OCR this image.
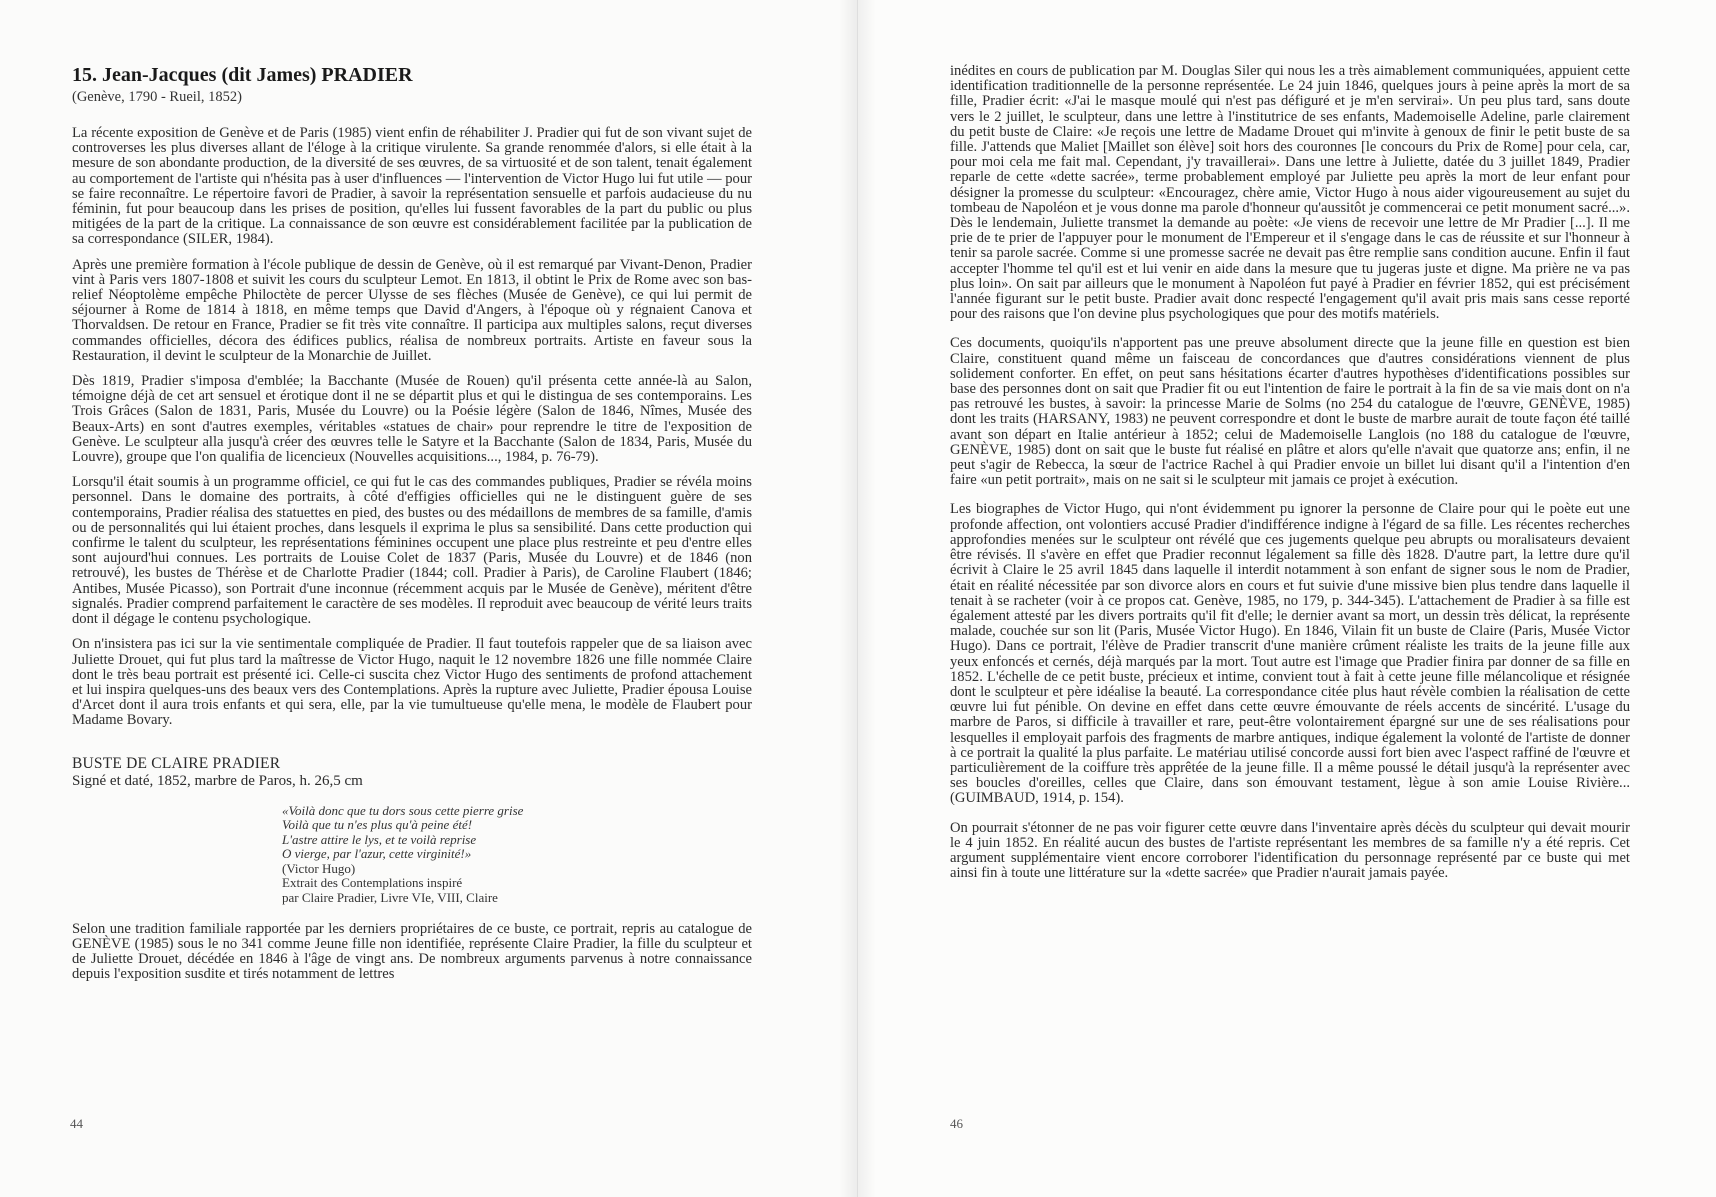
15. Jean-Jacques (dit James) PRADIER
(Genève, 1790 - Rueil, 1852)

La récente exposition de Genève et de Paris (1985) vient enfin de réhabiliter J. Pradier qui fut de son vivant sujet de controverses les plus diverses allant de l'éloge à la critique virulente. Sa grande renommée d'alors, si elle était à la mesure de son abondante production, de la diversité de ses œuvres, de sa virtuosité et de son talent, tenait également au comportement de l'artiste qui n'hésita pas à user d'influences — l'intervention de Victor Hugo lui fut utile — pour se faire reconnaître. Le répertoire favori de Pradier, à savoir la représentation sensuelle et parfois audacieuse du nu féminin, fut pour beaucoup dans les prises de position, qu'elles lui fussent favorables de la part du public ou plus mitigées de la part de la critique. La connaissance de son œuvre est considérablement facilitée par la publication de sa correspondance (SILER, 1984).

Après une première formation à l'école publique de dessin de Genève, où il est remarqué par Vivant-Denon, Pradier vint à Paris vers 1807-1808 et suivit les cours du sculpteur Lemot. En 1813, il obtint le Prix de Rome avec son bas-relief Néoptolème empêche Philoctète de percer Ulysse de ses flèches (Musée de Genève), ce qui lui permit de séjourner à Rome de 1814 à 1818, en même temps que David d'Angers, à l'époque où y régnaient Canova et Thorvaldsen. De retour en France, Pradier se fit très vite connaître. Il participa aux multiples salons, reçut diverses commandes officielles, décora des édifices publics, réalisa de nombreux portraits. Artiste en faveur sous la Restauration, il devint le sculpteur de la Monarchie de Juillet.

Dès 1819, Pradier s'imposa d'emblée; la Bacchante (Musée de Rouen) qu'il présenta cette année-là au Salon, témoigne déjà de cet art sensuel et érotique dont il ne se départit plus et qui le distingua de ses contemporains. Les Trois Grâces (Salon de 1831, Paris, Musée du Louvre) ou la Poésie légère (Salon de 1846, Nîmes, Musée des Beaux-Arts) en sont d'autres exemples, véritables «statues de chair» pour reprendre le titre de l'exposition de Genève. Le sculpteur alla jusqu'à créer des œuvres telle le Satyre et la Bacchante (Salon de 1834, Paris, Musée du Louvre), groupe que l'on qualifia de licencieux (Nouvelles acquisitions..., 1984, p. 76-79).

Lorsqu'il était soumis à un programme officiel, ce qui fut le cas des commandes publiques, Pradier se révéla moins personnel. Dans le domaine des portraits, à côté d'effigies officielles qui ne le distinguent guère de ses contemporains, Pradier réalisa des statuettes en pied, des bustes ou des médaillons de membres de sa famille, d'amis ou de personnalités qui lui étaient proches, dans lesquels il exprima le plus sa sensibilité. Dans cette production qui confirme le talent du sculpteur, les représentations féminines occupent une place plus restreinte et peu d'entre elles sont aujourd'hui connues. Les portraits de Louise Colet de 1837 (Paris, Musée du Louvre) et de 1846 (non retrouvé), les bustes de Thérèse et de Charlotte Pradier (1844; coll. Pradier à Paris), de Caroline Flaubert (1846; Antibes, Musée Picasso), son Portrait d'une inconnue (récemment acquis par le Musée de Genève), méritent d'être signalés. Pradier comprend parfaitement le caractère de ses modèles. Il reproduit avec beaucoup de vérité leurs traits dont il dégage le contenu psychologique.

On n'insistera pas ici sur la vie sentimentale compliquée de Pradier. Il faut toutefois rappeler que de sa liaison avec Juliette Drouet, qui fut plus tard la maîtresse de Victor Hugo, naquit le 12 novembre 1826 une fille nommée Claire dont le très beau portrait est présenté ici. Celle-ci suscita chez Victor Hugo des sentiments de profond attachement et lui inspira quelques-uns des beaux vers des Contemplations. Après la rupture avec Juliette, Pradier épousa Louise d'Arcet dont il aura trois enfants et qui sera, elle, par la vie tumultueuse qu'elle mena, le modèle de Flaubert pour Madame Bovary.

BUSTE DE CLAIRE PRADIER
Signé et daté, 1852, marbre de Paros, h. 26,5 cm
«Voilà donc que tu dors sous cette pierre grise
Voilà que tu n'es plus qu'à peine été!
L'astre attire le lys, et te voilà reprise
O vierge, par l'azur, cette virginité!»
(Victor Hugo)
Extrait des Contemplations inspiré
par Claire Pradier, Livre VIe, VIII, Claire

Selon une tradition familiale rapportée par les derniers propriétaires de ce buste, ce portrait, repris au catalogue de GENÈVE (1985) sous le no 341 comme Jeune fille non identifiée, représente Claire Pradier, la fille du sculpteur et de Juliette Drouet, décédée en 1846 à l'âge de vingt ans. De nombreux arguments parvenus à notre connaissance depuis l'exposition susdite et tirés notamment de lettres

44

inédites en cours de publication par M. Douglas Siler qui nous les a très aimablement communiquées, appuient cette identification traditionnelle de la personne représentée. Le 24 juin 1846, quelques jours à peine après la mort de sa fille, Pradier écrit: «J'ai le masque moulé qui n'est pas défiguré et je m'en servirai». Un peu plus tard, sans doute vers le 2 juillet, le sculpteur, dans une lettre à l'institutrice de ses enfants, Mademoiselle Adeline, parle clairement du petit buste de Claire: «Je reçois une lettre de Madame Drouet qui m'invite à genoux de finir le petit buste de sa fille. J'attends que Maliet [Maillet son élève] soit hors des couronnes [le concours du Prix de Rome] pour cela, car, pour moi cela me fait mal. Cependant, j'y travaillerai». Dans une lettre à Juliette, datée du 3 juillet 1849, Pradier reparle de cette «dette sacrée», terme probablement employé par Juliette peu après la mort de leur enfant pour désigner la promesse du sculpteur: «Encouragez, chère amie, Victor Hugo à nous aider vigoureusement au sujet du tombeau de Napoléon et je vous donne ma parole d'honneur qu'aussitôt je commencerai ce petit monument sacré...». Dès le lendemain, Juliette transmet la demande au poète: «Je viens de recevoir une lettre de Mr Pradier [...]. Il me prie de te prier de l'appuyer pour le monument de l'Empereur et il s'engage dans le cas de réussite et sur l'honneur à tenir sa parole sacrée. Comme si une promesse sacrée ne devait pas être remplie sans condition aucune. Enfin il faut accepter l'homme tel qu'il est et lui venir en aide dans la mesure que tu jugeras juste et digne. Ma prière ne va pas plus loin». On sait par ailleurs que le monument à Napoléon fut payé à Pradier en février 1852, qui est précisément l'année figurant sur le petit buste. Pradier avait donc respecté l'engagement qu'il avait pris mais sans cesse reporté pour des raisons que l'on devine plus psychologiques que pour des motifs matériels.

Ces documents, quoiqu'ils n'apportent pas une preuve absolument directe que la jeune fille en question est bien Claire, constituent quand même un faisceau de concordances que d'autres considérations viennent de plus solidement conforter. En effet, on peut sans hésitations écarter d'autres hypothèses d'identifications possibles sur base des personnes dont on sait que Pradier fit ou eut l'intention de faire le portrait à la fin de sa vie mais dont on n'a pas retrouvé les bustes, à savoir: la princesse Marie de Solms (no 254 du catalogue de l'œuvre, GENÈVE, 1985) dont les traits (HARSANY, 1983) ne peuvent correspondre et dont le buste de marbre aurait de toute façon été taillé avant son départ en Italie antérieur à 1852; celui de Mademoiselle Langlois (no 188 du catalogue de l'œuvre, GENÈVE, 1985) dont on sait que le buste fut réalisé en plâtre et alors qu'elle n'avait que quatorze ans; enfin, il ne peut s'agir de Rebecca, la sœur de l'actrice Rachel à qui Pradier envoie un billet lui disant qu'il a l'intention d'en faire «un petit portrait», mais on ne sait si le sculpteur mit jamais ce projet à exécution.

Les biographes de Victor Hugo, qui n'ont évidemment pu ignorer la personne de Claire pour qui le poète eut une profonde affection, ont volontiers accusé Pradier d'indifférence indigne à l'égard de sa fille. Les récentes recherches approfondies menées sur le sculpteur ont révélé que ces jugements quelque peu abrupts ou moralisateurs devaient être révisés. Il s'avère en effet que Pradier reconnut légalement sa fille dès 1828. D'autre part, la lettre dure qu'il écrivit à Claire le 25 avril 1845 dans laquelle il interdit notamment à son enfant de signer sous le nom de Pradier, était en réalité nécessitée par son divorce alors en cours et fut suivie d'une missive bien plus tendre dans laquelle il tenait à se racheter (voir à ce propos cat. Genève, 1985, no 179, p. 344-345). L'attachement de Pradier à sa fille est également attesté par les divers portraits qu'il fit d'elle; le dernier avant sa mort, un dessin très délicat, la représente malade, couchée sur son lit (Paris, Musée Victor Hugo). En 1846, Vilain fit un buste de Claire (Paris, Musée Victor Hugo). Dans ce portrait, l'élève de Pradier transcrit d'une manière crûment réaliste les traits de la jeune fille aux yeux enfoncés et cernés, déjà marqués par la mort. Tout autre est l'image que Pradier finira par donner de sa fille en 1852. L'échelle de ce petit buste, précieux et intime, convient tout à fait à cette jeune fille mélancolique et résignée dont le sculpteur et père idéalise la beauté. La correspondance citée plus haut révèle combien la réalisation de cette œuvre lui fut pénible. On devine en effet dans cette œuvre émouvante de réels accents de sincérité. L'usage du marbre de Paros, si difficile à travailler et rare, peut-être volontairement épargné sur une de ses réalisations pour lesquelles il employait parfois des fragments de marbre antiques, indique également la volonté de l'artiste de donner à ce portrait la qualité la plus parfaite. Le matériau utilisé concorde aussi fort bien avec l'aspect raffiné de l'œuvre et particulièrement de la coiffure très apprêtée de la jeune fille. Il a même poussé le détail jusqu'à la représenter avec ses boucles d'oreilles, celles que Claire, dans son émouvant testament, lègue à son amie Louise Rivière... (GUIMBAUD, 1914, p. 154).

On pourrait s'étonner de ne pas voir figurer cette œuvre dans l'inventaire après décès du sculpteur qui devait mourir le 4 juin 1852. En réalité aucun des bustes de l'artiste représentant les membres de sa famille n'y a été repris. Cet argument supplémentaire vient encore corroborer l'identification du personnage représenté par ce buste qui met ainsi fin à toute une littérature sur la «dette sacrée» que Pradier n'aurait jamais payée.

46
